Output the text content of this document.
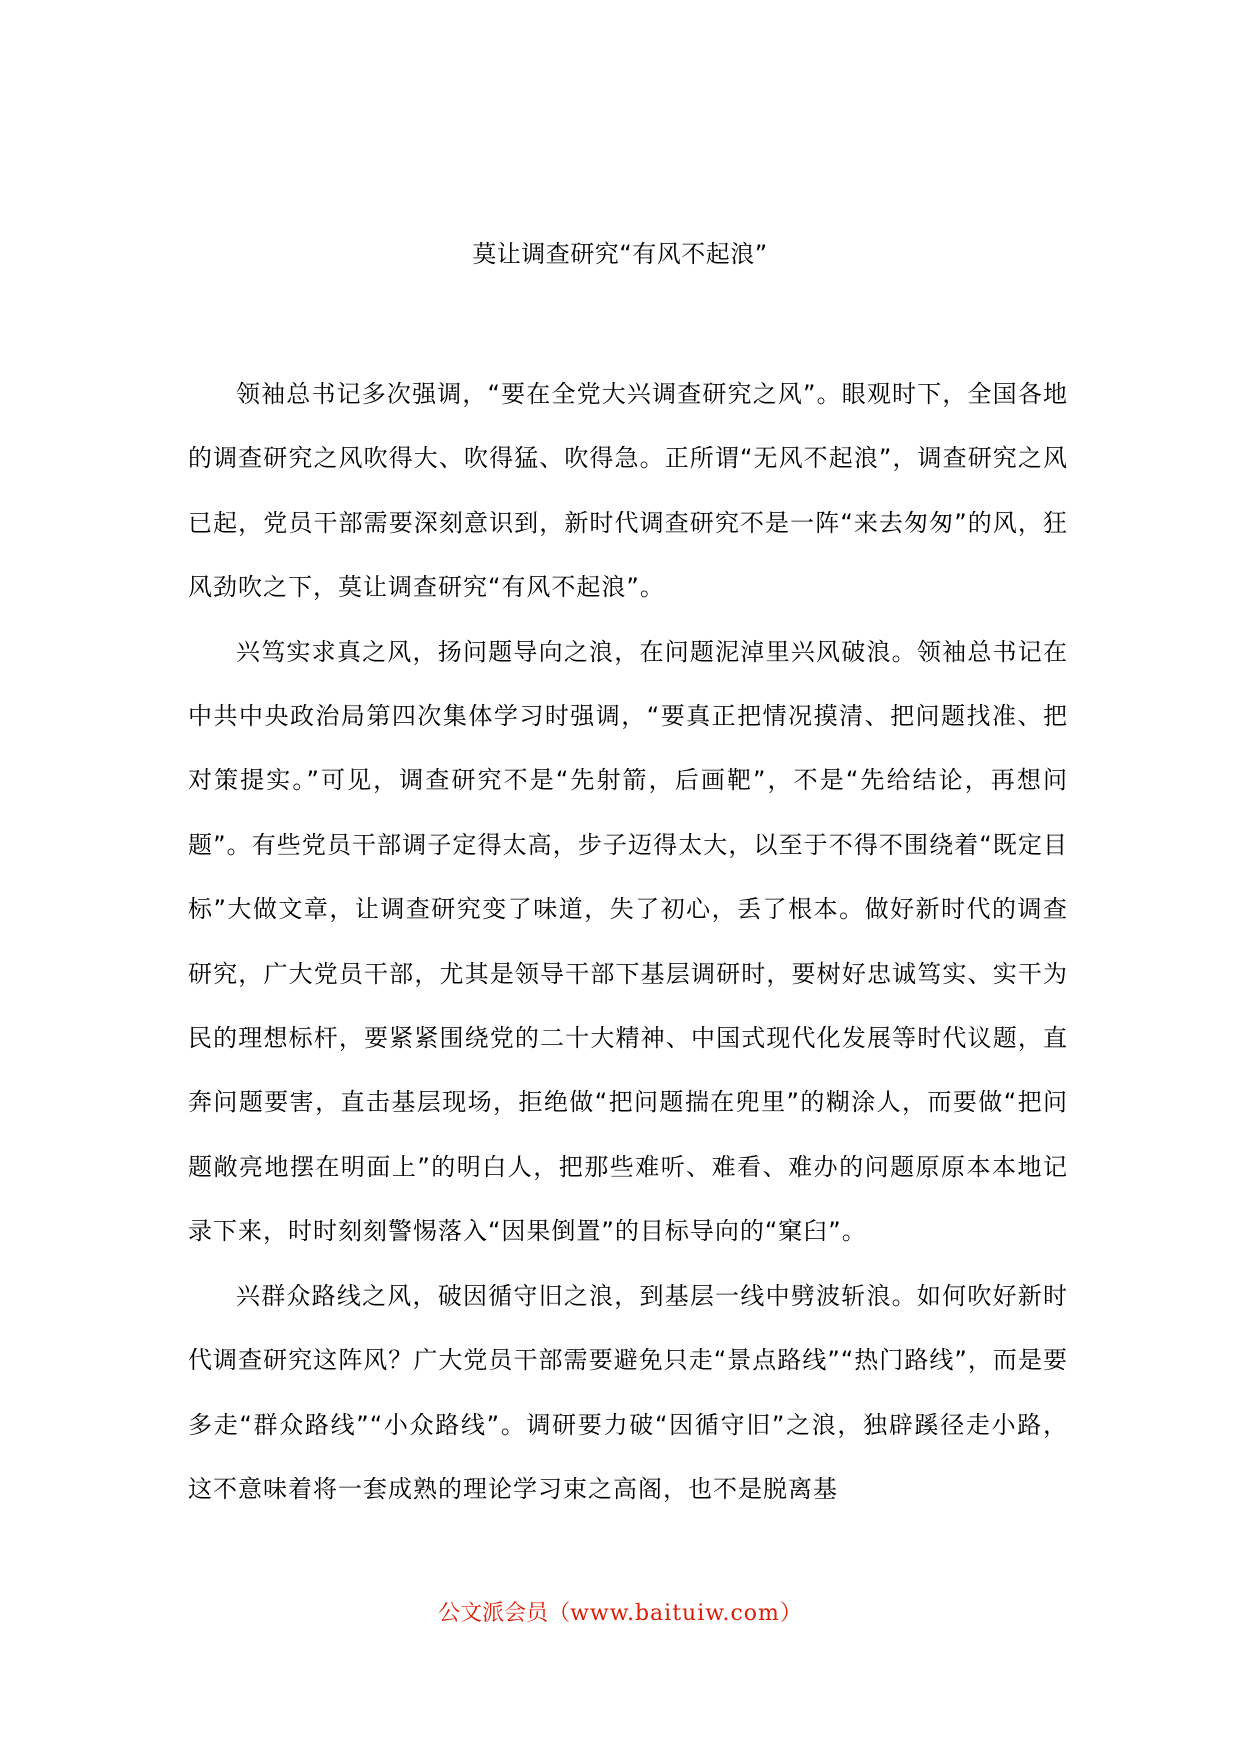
莫让调查研究“有风不起浪”

领袖总书记多次强调，“要在全党大兴调查研究之风”。眼观时下，全国各地的调查研究之风吹得大、吹得猛、吹得急。正所谓“无风不起浪”，调查研究之风已起，党员干部需要深刻意识到，新时代调查研究不是一阵“来去匆匆”的风，狂风劲吹之下，莫让调查研究“有风不起浪”。

兴笃实求真之风，扬问题导向之浪，在问题泥淖里兴风破浪。领袖总书记在中共中央政治局第四次集体学习时强调，“要真正把情况摸清、把问题找准、把对策提实。”可见，调查研究不是“先射箭，后画靶”，不是“先给结论，再想问题”。有些党员干部调子定得太高，步子迈得太大，以至于不得不围绕着“既定目标”大做文章，让调查研究变了味道，失了初心，丢了根本。做好新时代的调查研究，广大党员干部，尤其是领导干部下基层调研时，要树好忠诚笃实、实干为民的理想标杆，要紧紧围绕党的二十大精神、中国式现代化发展等时代议题，直奔问题要害，直击基层现场，拒绝做“把问题揣在兜里”的糊涂人，而要做“把问题敞亮地摆在明面上”的明白人，把那些难听、难看、难办的问题原原本本地记录下来，时时刻刻警惕落入“因果倒置”的目标导向的“窠臼”。

兴群众路线之风，破因循守旧之浪，到基层一线中劈波斩浪。如何吹好新时代调查研究这阵风？广大党员干部需要避免只走“景点路线”“热门路线”，而是要多走“群众路线”“小众路线”。调研要力破“因循守旧”之浪，独辟蹊径走小路，这不意味着将一套成熟的理论学习束之高阁，也不是脱离基

公文派会员（www.baituiw.com）
